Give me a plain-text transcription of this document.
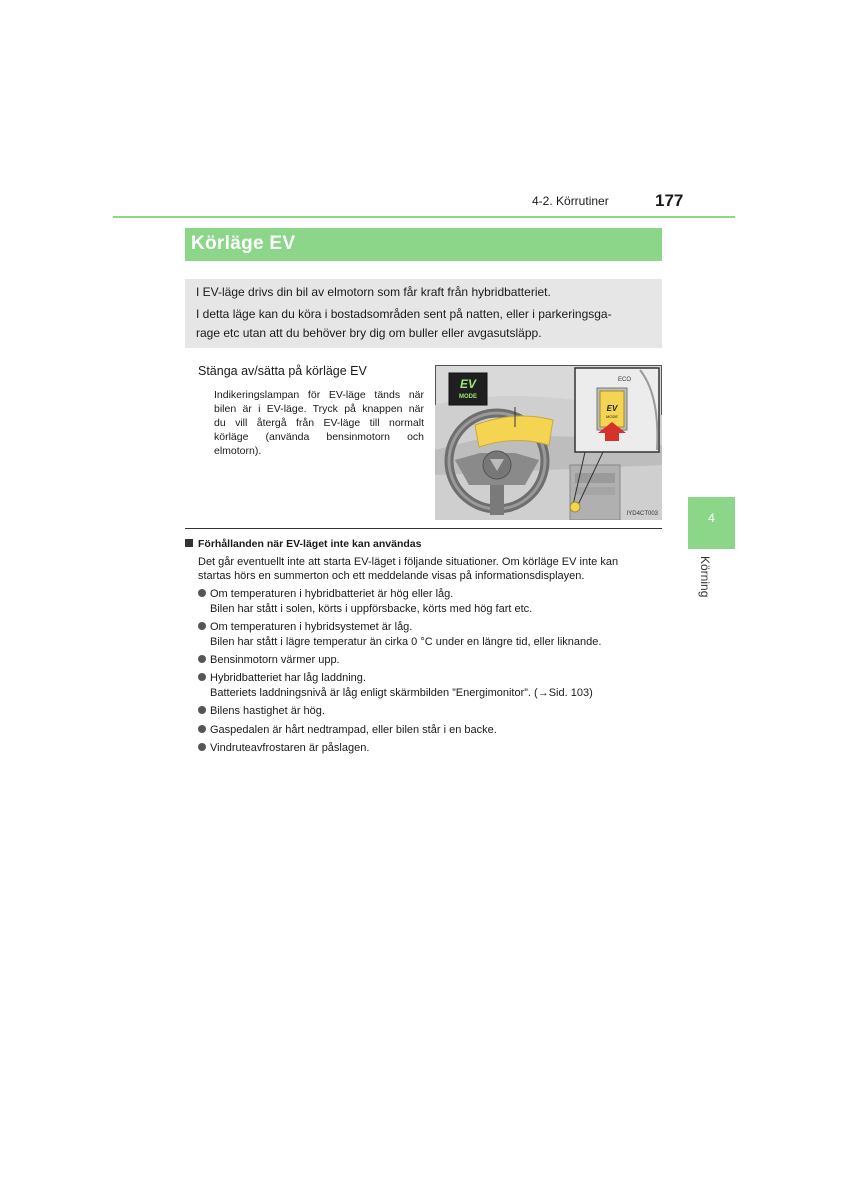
4-2. Körrutiner	177
Körläge EV
I EV-läge drivs din bil av elmotorn som får kraft från hybridbatteriet.
I detta läge kan du köra i bostadsområden sent på natten, eller i parkeringsga-
rage etc utan att du behöver bry dig om buller eller avgasutsläpp.
Stänga av/sätta på körläge EV
Indikeringslampan för EV-läge tänds när
bilen är i EV-läge. Tryck på knappen när
du vill återgå från EV-läge till normalt
körläge (använda bensinmotorn och
elmotorn).
EV
MODE
ECO
EV
MODE
IYD4CT003
Förhållanden när EV-läget inte kan användas
Det går eventuellt inte att starta EV-läget i följande situationer. Om körläge EV inte kan
startas hörs en summerton och ett meddelande visas på informationsdisplayen.
Om temperaturen i hybridbatteriet är hög eller låg.
Bilen har stått i solen, körts i uppförsbacke, körts med hög fart etc.
Om temperaturen i hybridsystemet är låg.
Bilen har stått i lägre temperatur än cirka 0 °C under en längre tid, eller liknande.
Bensinmotorn värmer upp.
Hybridbatteriet har låg laddning.
Batteriets laddningsnivå är låg enligt skärmbilden ”Energimonitor”. (→Sid. 103)
Bilens hastighet är hög.
Gaspedalen är hårt nedtrampad, eller bilen står i en backe.
Vindruteavfrostaren är påslagen.
4
Körning
